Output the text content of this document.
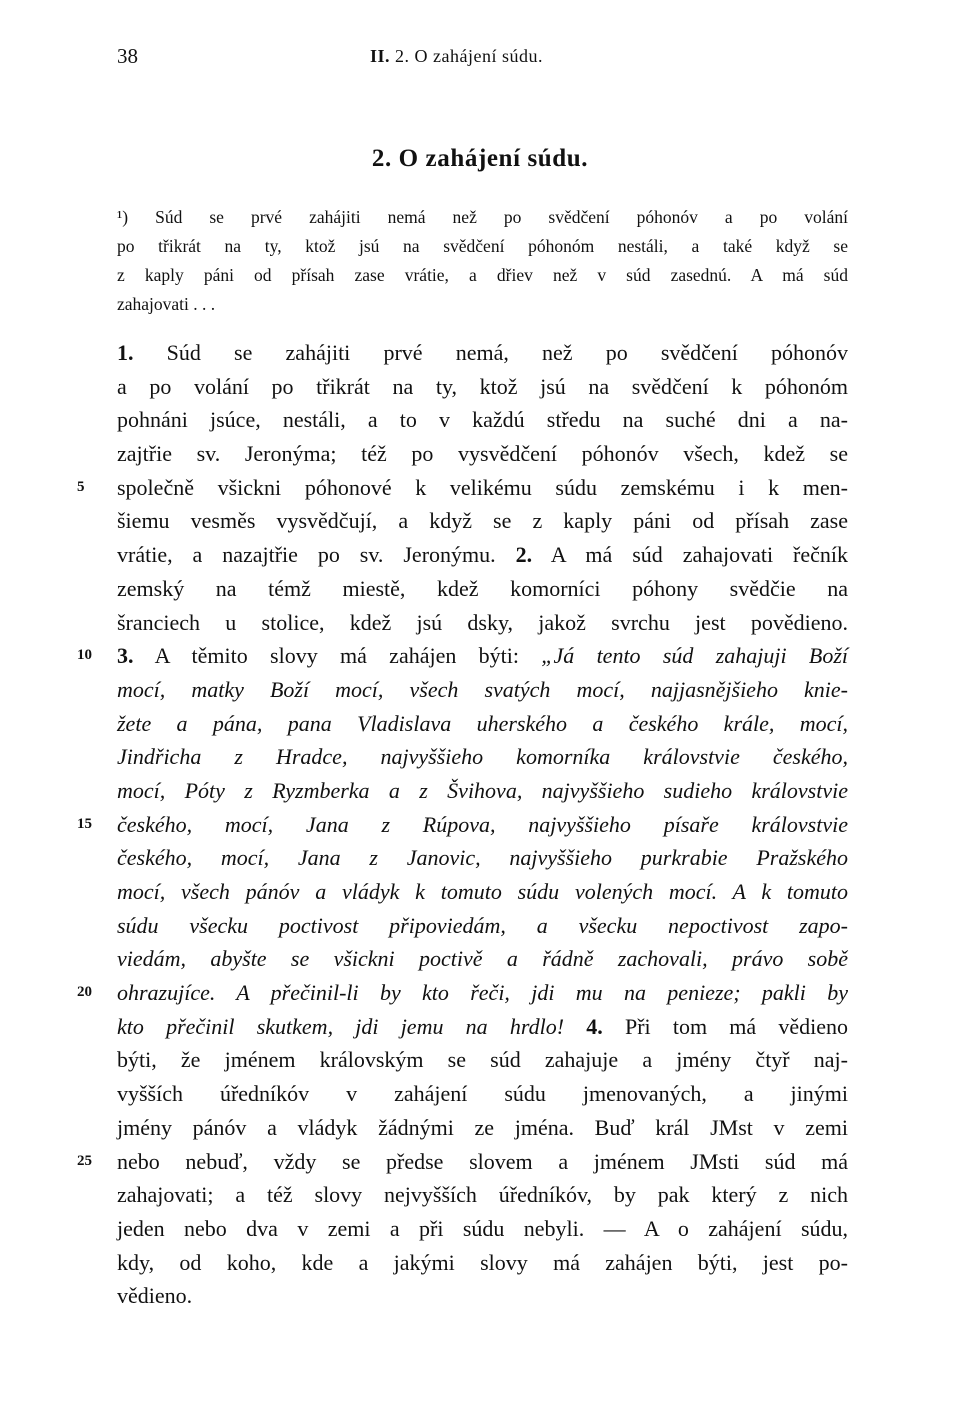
38	II. 2. O zahájení súdu.
2. O zahájení súdu.
¹) Súd se prvé zahájiti nemá než po svědčení póhonóv a po volání
po třikrát na ty, ktož jsú na svědčení póhonóm nestáli, a také když se
z kaply páni od přísah zase vrátie, a dřiev než v súd zasednú. A má súd
zahajovati . . .
1. Súd se zahájiti prvé nemá, než po svědčení póhonóv
a po volání po třikrát na ty, ktož jsú na svědčení k póhonóm
pohnáni jsúce, nestáli, a to v každú středu na suché dni a na-
zajtřie sv. Jeronýma; též po vysvědčení póhonóv všech, kdež se
5	společně všickni póhonové k velikému súdu zemskému i k men-
šiemu vesměs vysvědčují, a když se z kaply páni od přísah zase
vrátie, a nazajtřie po sv. Jeronýmu. 2. A má súd zahajovati řečník
zemský na témž miestě, kdež komorníci póhony svědčie na
šranciech u stolice, kdež jsú dsky, jakož svrchu jest povědieno.
10	3. A těmito slovy má zahájen býti: „Já tento súd zahajuji Boží
mocí, matky Boží mocí, všech svatých mocí, najjasnějšieho knie-
žete a pána, pana Vladislava uherského a českého krále, mocí,
Jindřicha z Hradce, najvyššieho komorníka královstvie českého,
mocí, Póty z Ryzmberka a z Švihova, najvyššieho sudieho královstvie
15	českého, mocí, Jana z Rúpova, najvyššieho písaře královstvie
českého, mocí, Jana z Janovic, najvyššieho purkrabie Pražského
mocí, všech pánóv a vládyk k tomuto súdu volených mocí. A k tomuto
súdu všecku poctivost připoviedám, a všecku nepoctivost zapo-
viedám, abyšte se všickni poctivě a řádně zachovali, právo sobě
20	ohrazujíce. A přečinil-li by kto řeči, jdi mu na penieze; pakli by
kto přečinil skutkem, jdi jemu na hrdlo! 4. Při tom má vědieno
býti, že jménem královským se súd zahajuje a jmény čtyř naj-
vyšších úředníkóv v zahájení súdu jmenovaných, a jinými
jmény pánóv a vládyk žádnými ze jména. Buď král JMst v zemi
25	nebo nebuď, vždy se předse slovem a jménem JMsti súd má
zahajovati; a též slovy nejvyšších úředníkóv, by pak který z nich
jeden nebo dva v zemi a při súdu nebyli. — A o zahájení súdu,
kdy, od koho, kde a jakými slovy má zahájen býti, jest po-
vědieno.
